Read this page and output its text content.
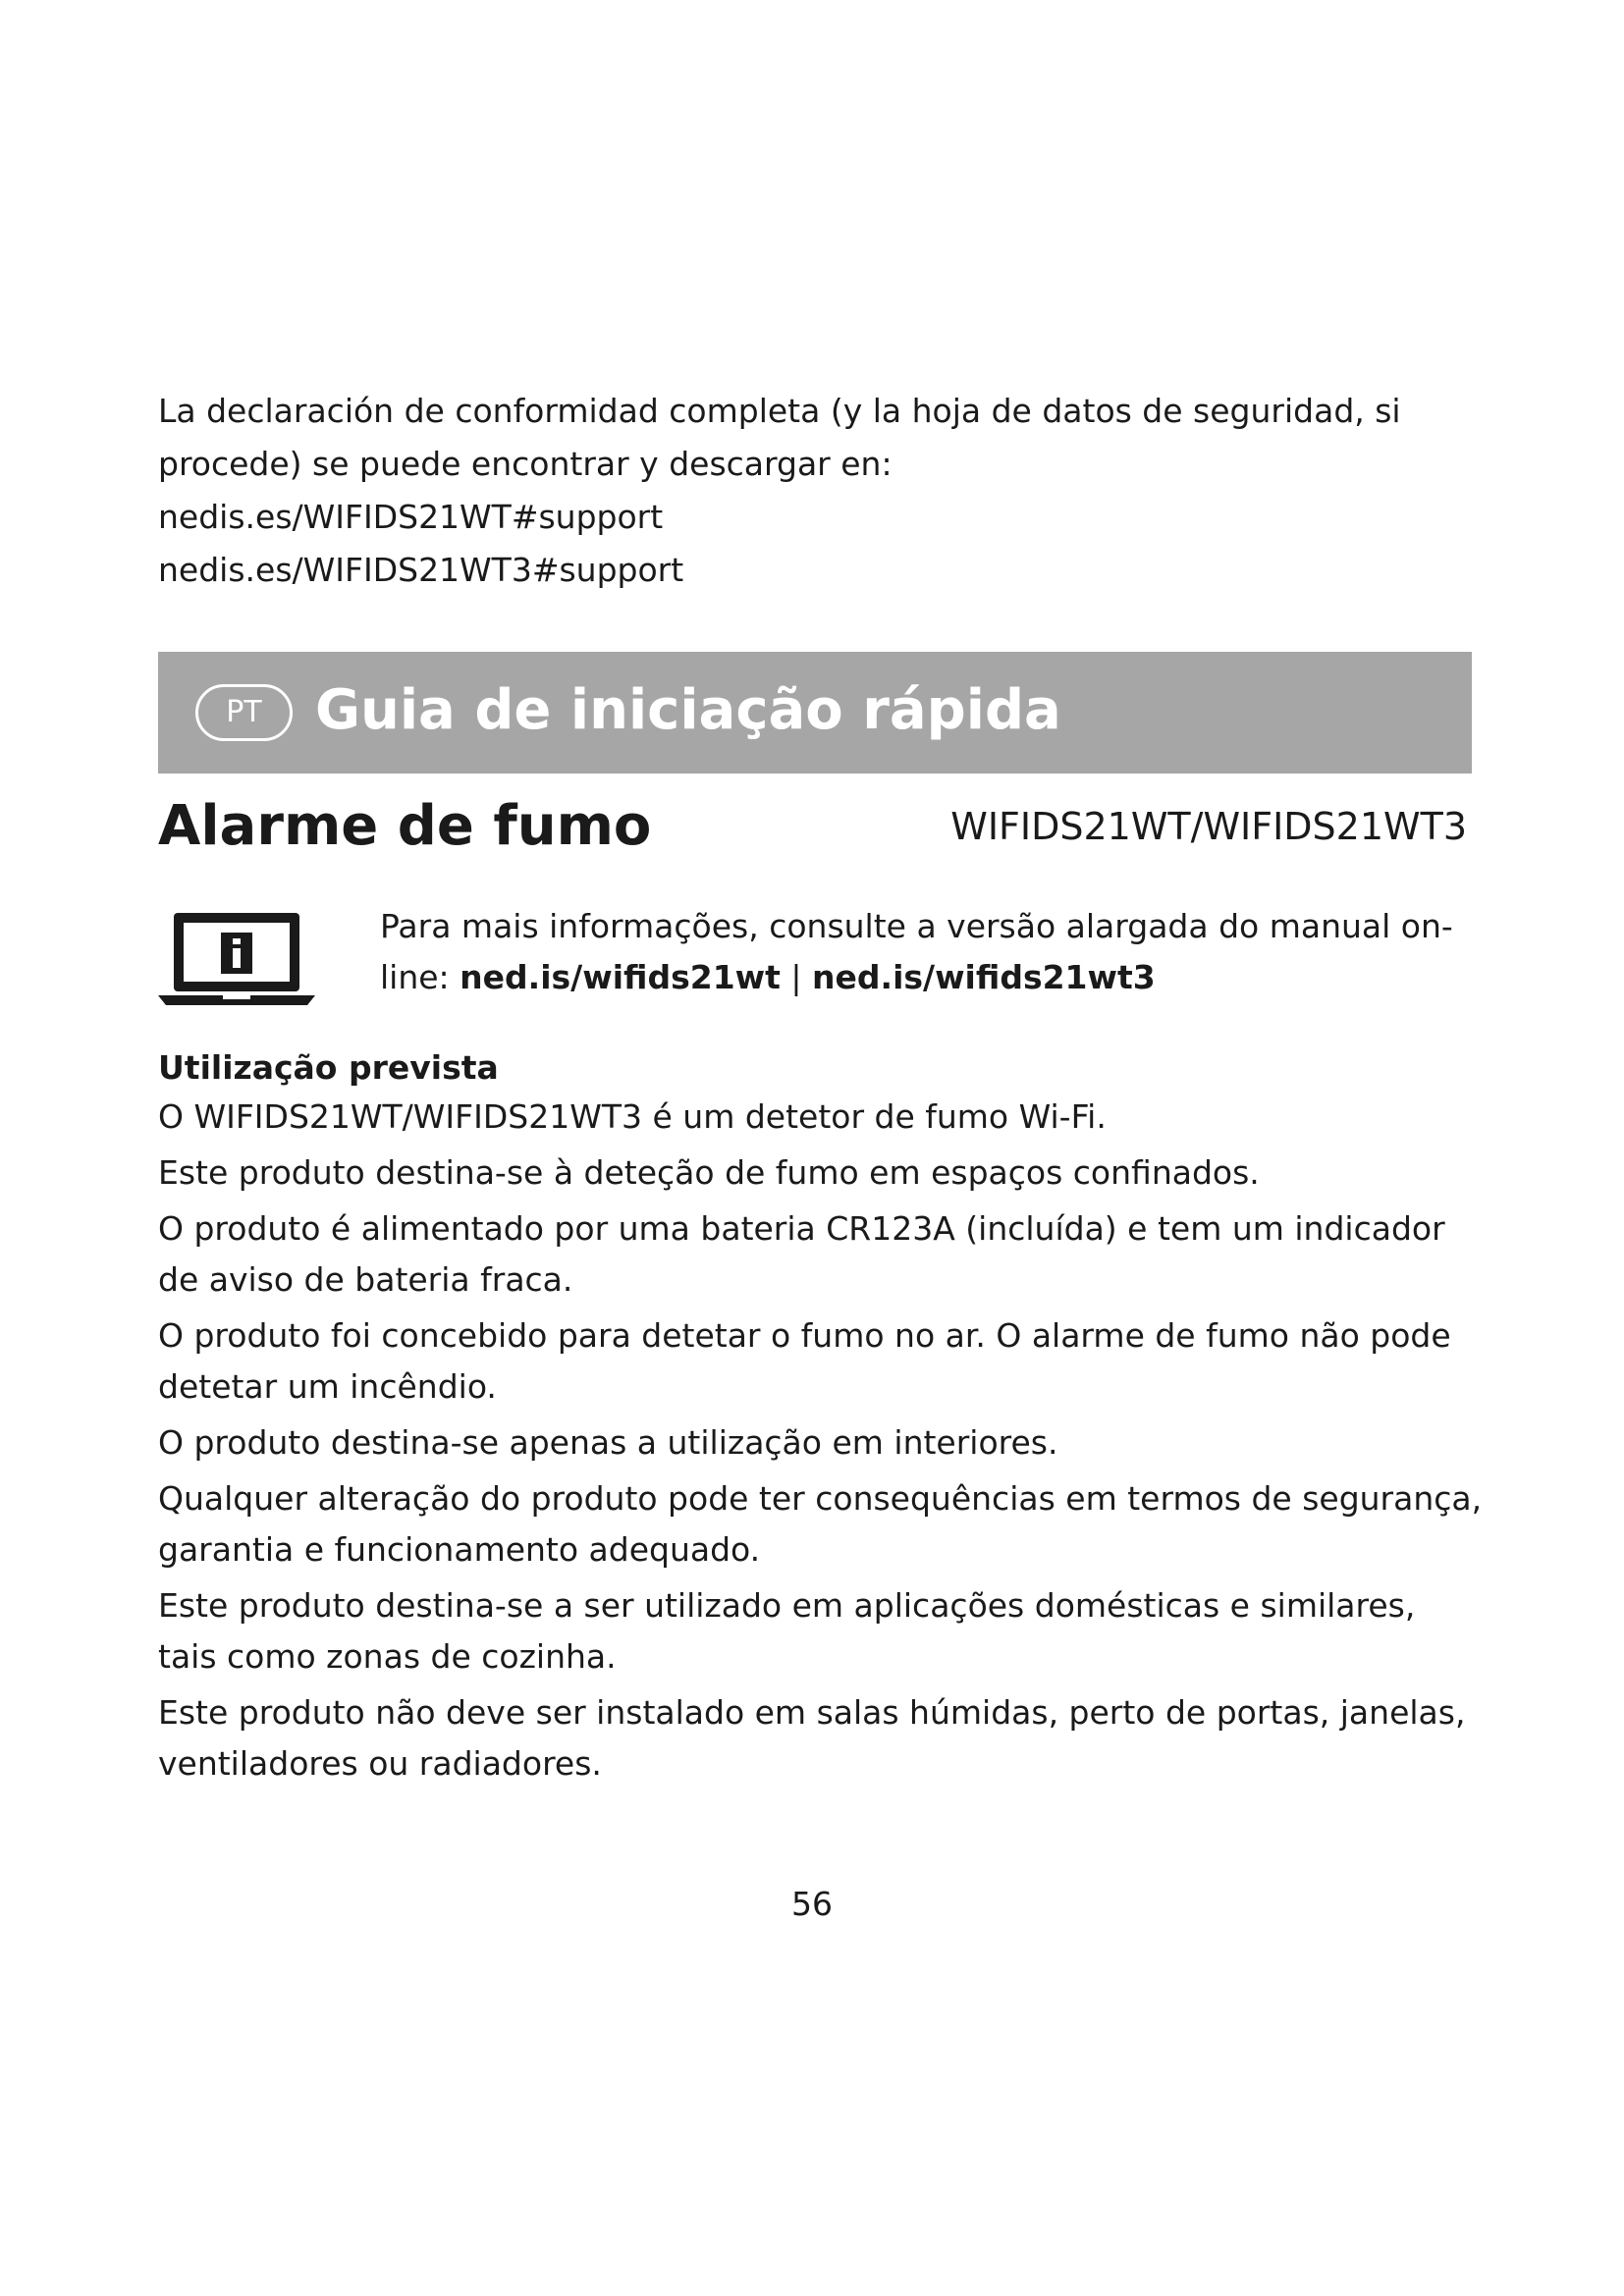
La declaración de conformidad completa (y la hoja de datos de seguridad, si

procede) se puede encontrar y descargar en:

nedis.es/WIFIDS21WT#support

nedis.es/WIFIDS21WT3#support

PT Guia de iniciação rápida
Alarme de fumo	WIFIDS21WT/WIFIDS21WT3

Para mais informações, consulte a versão alargada do manual on-

line: ned.is/wifids21wt | ned.is/wifids21wt3

Utilização prevista

O WIFIDS21WT/WIFIDS21WT3 é um detetor de fumo Wi-Fi.

Este produto destina-se à deteção de fumo em espaços confinados.

O produto é alimentado por uma bateria CR123A (incluída) e tem um indicador de aviso de bateria fraca.

O produto foi concebido para detetar o fumo no ar. O alarme de fumo não pode detetar um incêndio.

O produto destina-se apenas a utilização em interiores.

Qualquer alteração do produto pode ter consequências em termos de segurança, garantia e funcionamento adequado.

Este produto destina-se a ser utilizado em aplicações domésticas e similares, tais como zonas de cozinha.

Este produto não deve ser instalado em salas húmidas, perto de portas, janelas, ventiladores ou radiadores.

56
